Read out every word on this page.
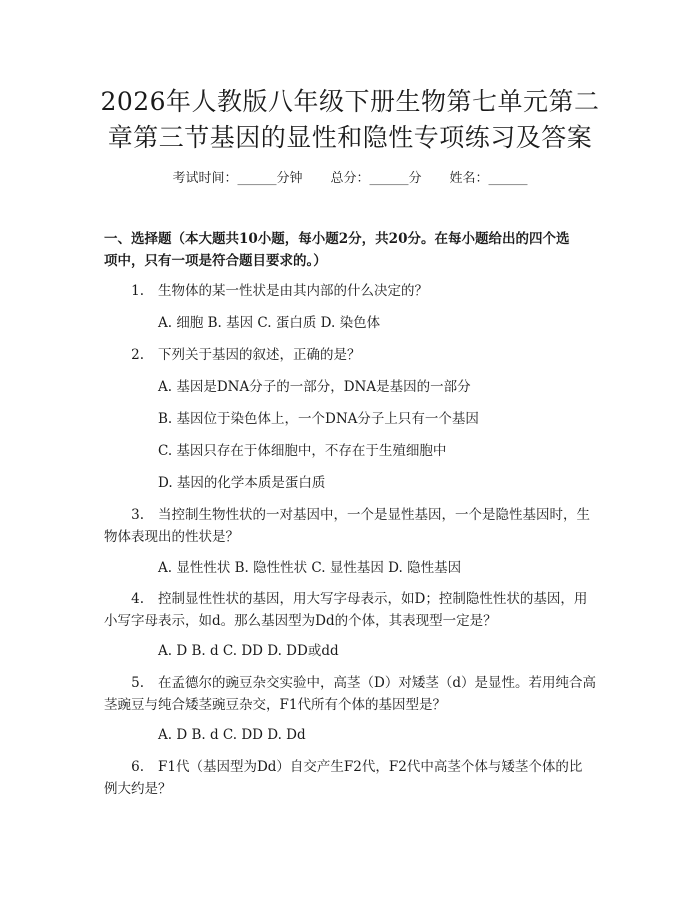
2026年人教版八年级下册生物第七单元第二
章第三节基因的显性和隐性专项练习及答案
考试时间：______分钟 总分：______分 姓名：______
一、选择题（本大题共10小题，每小题2分，共20分。在每小题给出的四个选
项中，只有一项是符合题目要求的。）
1. 生物体的某一性状是由其内部的什么决定的？
A. 细胞 B. 基因 C. 蛋白质 D. 染色体
2. 下列关于基因的叙述，正确的是？
A. 基因是DNA分子的一部分，DNA是基因的一部分
B. 基因位于染色体上，一个DNA分子上只有一个基因
C. 基因只存在于体细胞中，不存在于生殖细胞中
D. 基因的化学本质是蛋白质
3. 当控制生物性状的一对基因中，一个是显性基因，一个是隐性基因时，生
物体表现出的性状是？
A. 显性性状 B. 隐性性状 C. 显性基因 D. 隐性基因
4. 控制显性性状的基因，用大写字母表示，如D；控制隐性性状的基因，用
小写字母表示，如d。那么基因型为Dd的个体，其表现型一定是？
A. D B. d C. DD D. DD或dd
5. 在孟德尔的豌豆杂交实验中，高茎（D）对矮茎（d）是显性。若用纯合高
茎豌豆与纯合矮茎豌豆杂交，F1代所有个体的基因型是？
A. D B. d C. DD D. Dd
6. F1代（基因型为Dd）自交产生F2代，F2代中高茎个体与矮茎个体的比
例大约是？
